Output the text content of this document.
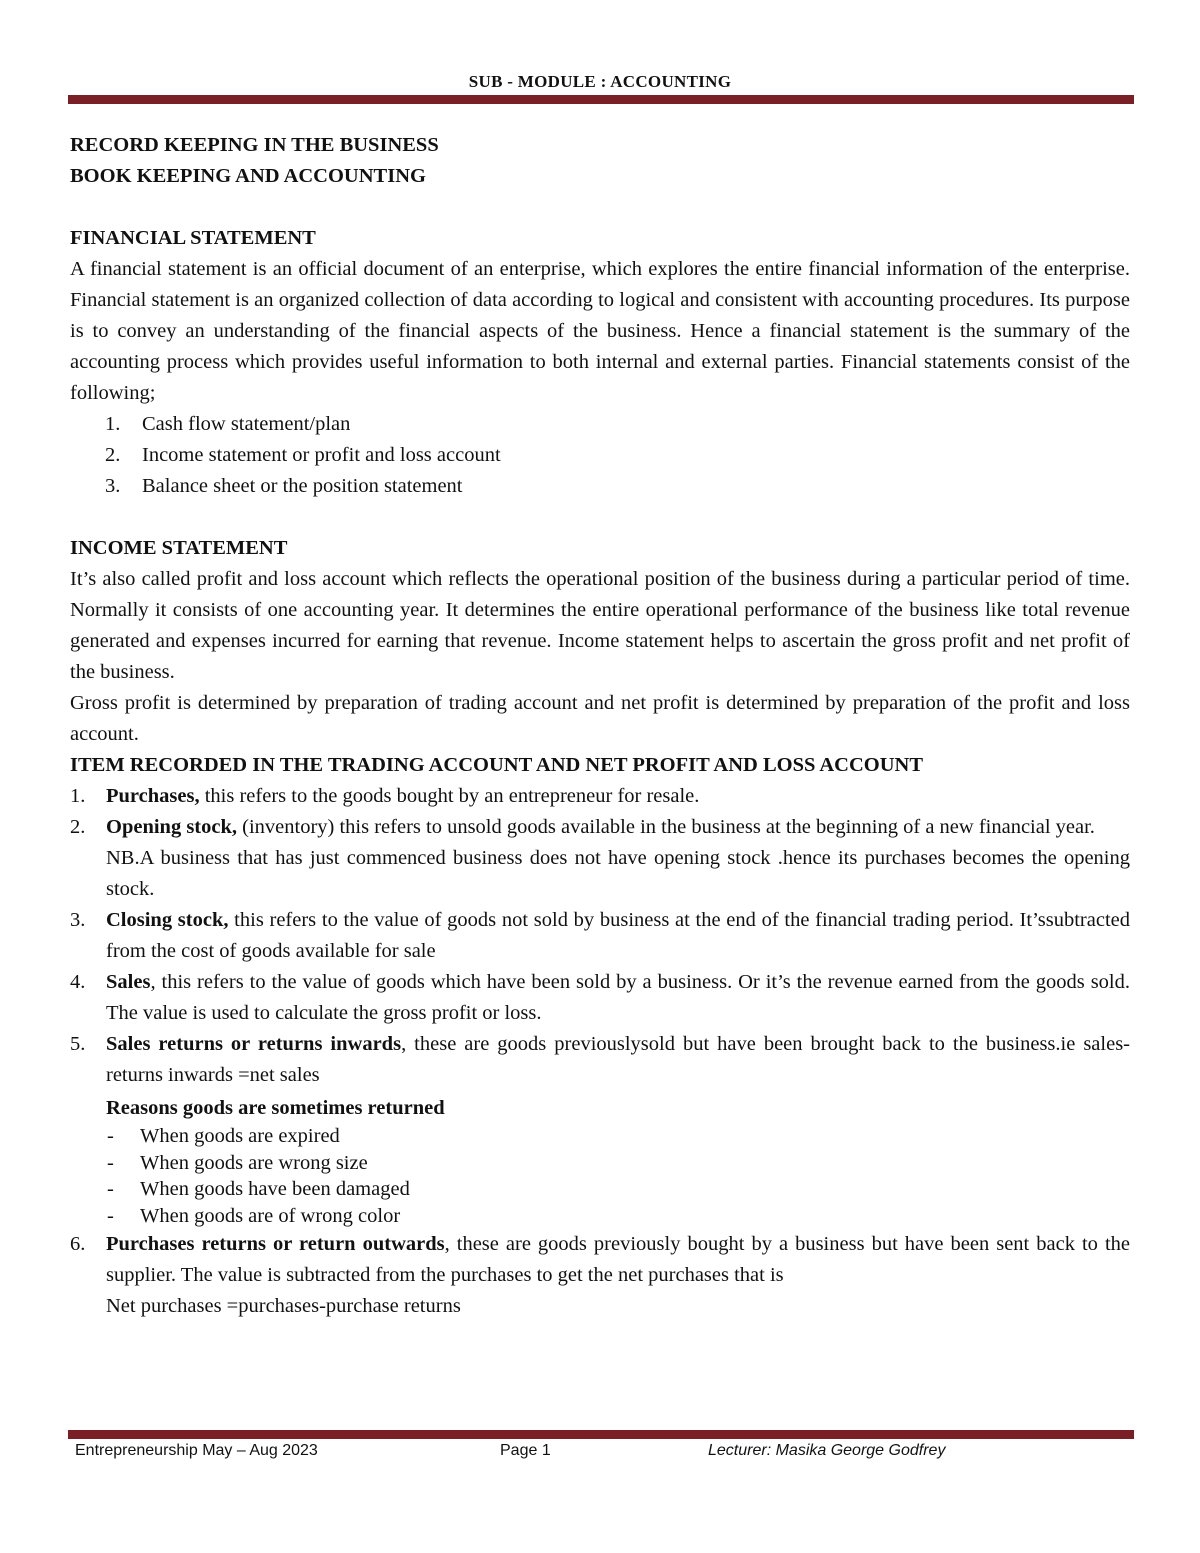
SUB - MODULE : ACCOUNTING

RECORD KEEPING IN THE BUSINESS

BOOK KEEPING AND ACCOUNTING

FINANCIAL STATEMENT

A financial statement is an official document of an enterprise, which explores the entire financial information of the enterprise. Financial statement is an organized collection of data according to logical and consistent with accounting procedures. Its purpose is to convey an understanding of the financial aspects of the business. Hence a financial statement is the summary of the accounting process which provides useful information to both internal and external parties. Financial statements consist of the following;

1. Cash flow statement/plan
2. Income statement or profit and loss account
3. Balance sheet or the position statement

INCOME STATEMENT

It’s also called profit and loss account which reflects the operational position of the business during a particular period of time. Normally it consists of one accounting year. It determines the entire operational performance of the business like total revenue generated and expenses incurred for earning that revenue. Income statement helps to ascertain the gross profit and net profit of the business.

Gross profit is determined by preparation of trading account and net profit is determined by preparation of the profit and loss account.

ITEM RECORDED IN THE TRADING ACCOUNT AND NET PROFIT AND LOSS ACCOUNT

1. Purchases, this refers to the goods bought by an entrepreneur for resale.
2. Opening stock, (inventory) this refers to unsold goods available in the business at the beginning of a new financial year.
NB.A business that has just commenced business does not have opening stock .hence its purchases becomes the opening stock.
3. Closing stock, this refers to the value of goods not sold by business at the end of the financial trading period. It’ssubtracted from the cost of goods available for sale
4. Sales, this refers to the value of goods which have been sold by a business. Or it’s the revenue earned from the goods sold. The value is used to calculate the gross profit or loss.
5. Sales returns or returns inwards, these are goods previouslysold but have been brought back to the business.ie sales-returns inwards =net sales
Reasons goods are sometimes returned
- When goods are expired
- When goods are wrong size
- When goods have been damaged
- When goods are of wrong color
6. Purchases returns or return outwards, these are goods previously bought by a business but have been sent back to the supplier. The value is subtracted from the purchases to get the net purchases that is
Net purchases =purchases-purchase returns
Entrepreneurship May – Aug 2023	Page 1	Lecturer: Masika George Godfrey
